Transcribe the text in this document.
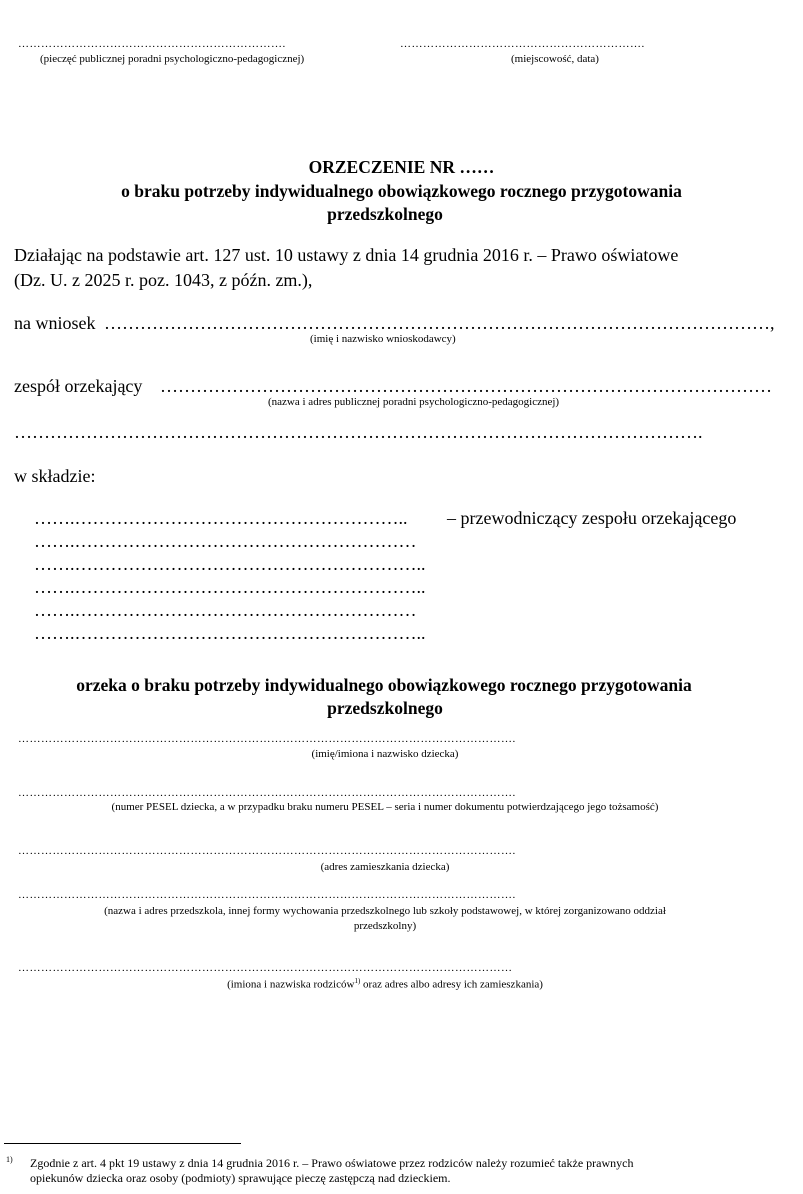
…………………………………………………………….	……………………………………………………….
(pieczęć publicznej poradni psychologiczno-pedagogicznej)	(miejscowość, data)
ORZECZENIE NR ……
o braku potrzeby indywidualnego obowiązkowego rocznego przygotowania
przedszkolnego
Działając na podstawie art. 127 ust. 10 ustawy z dnia 14 grudnia 2016 r. – Prawo oświatowe
(Dz. U. z 2025 r. poz. 1043, z późn. zm.),
na wniosek …………………………………………………………………………………………………,
(imię i nazwisko wnioskodawcy)
zespół orzekający …………………………………………………………………………………………
(nazwa i adres publicznej poradni psychologiczno-pedagogicznej)
…………………………………………………………………………………………………….
w składzie:
…….………………………………………………..	– przewodniczący zespołu orzekającego
…….…………………………………………………
…….…………………………………………………..
…….…………………………………………………..
…….…………………………………………………
…….…………………………………………………..
orzeka o braku potrzeby indywidualnego obowiązkowego rocznego przygotowania
przedszkolnego
………………………………………………………………………………………………………………….
(imię/imiona i nazwisko dziecka)
………………………………………………………………………………………………………………….
(numer PESEL dziecka, a w przypadku braku numeru PESEL – seria i numer dokumentu potwierdzającego jego tożsamość)
………………………………………………………………………………………………………………….
(adres zamieszkania dziecka)
………………………………………………………………………………………………………………….
(nazwa i adres przedszkola, innej formy wychowania przedszkolnego lub szkoły podstawowej, w której zorganizowano oddział
przedszkolny)
…………………………………………………………………………………………………………………
(imiona i nazwiska rodziców$^{1)}$ oraz adres albo adresy ich zamieszkania)
1) Zgodnie z art. 4 pkt 19 ustawy z dnia 14 grudnia 2016 r. – Prawo oświatowe przez rodziców należy rozumieć także prawnych
opiekunów dziecka oraz osoby (podmioty) sprawujące pieczę zastępczą nad dzieckiem.
